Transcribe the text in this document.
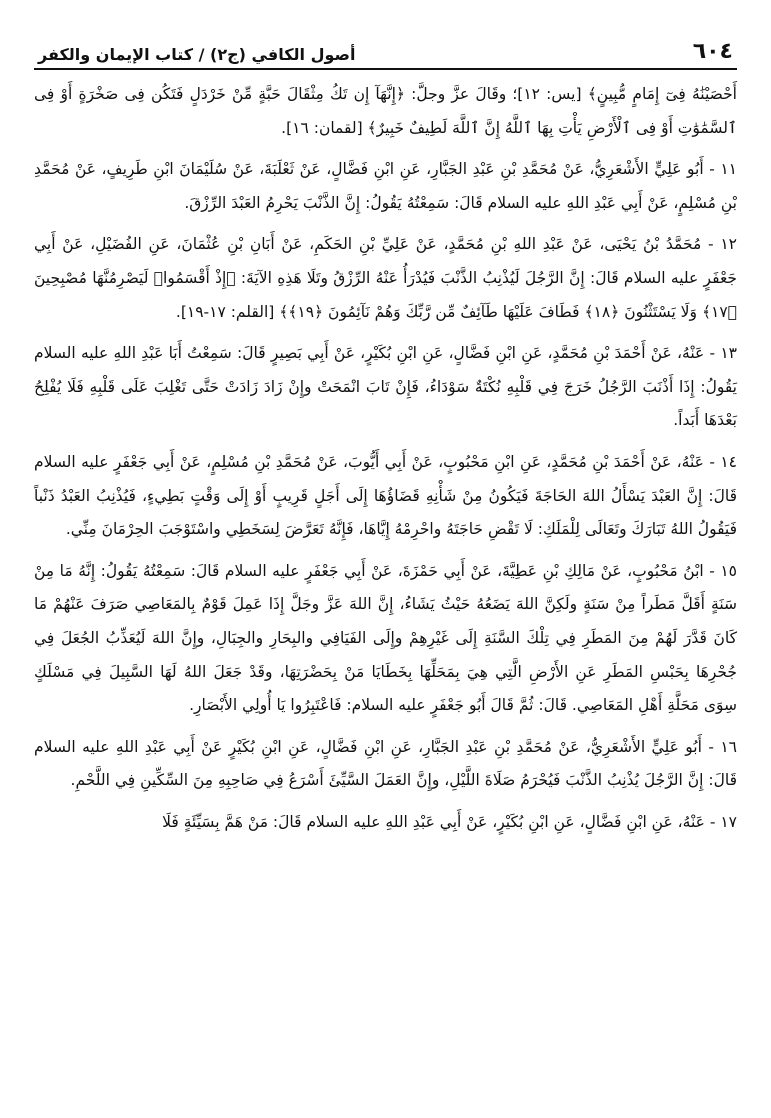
٦٠٤
أصول الكافي (ج٢) / كتاب الإيمان والكفر

أَحْصَيْنَٰهُ فِىٓ إِمَامٍ مُّبِينٍ﴾ [يس: ١٢]؛ وقَالَ عزَّ وجلَّ: ﴿إِنَّهَآ إِن تَكُ مِثْقَالَ حَبَّةٍ مِّنْ خَرْدَلٍ فَتَكُن فِى صَخْرَةٍ أَوْ فِى ٱلسَّمَٰوَٰتِ أَوْ فِى ٱلْأَرْضِ يَأْتِ بِهَا ٱللَّهُ إِنَّ ٱللَّهَ لَطِيفٌ خَبِيرٌ﴾ [لقمان: ١٦].

١١ - أَبُو عَلِيٍّ الأَشْعَرِيُّ، عَنْ مُحَمَّدِ بْنِ عَبْدِ الجَبَّارِ، عَنِ ابْنِ فَضَّالٍ، عَنْ ثَعْلَبَةَ، عَنْ سُلَيْمَانَ ابْنِ طَرِيفٍ، عَنْ مُحَمَّدِ بْنِ مُسْلِمٍ، عَنْ أَبِي عَبْدِ اللهِ عليه السلام قَالَ: سَمِعْتُهُ يَقُولُ: إِنَّ الذَّنْبَ يَحْرِمُ العَبْدَ الرِّزْقَ.

١٢ - مُحَمَّدُ بْنُ يَحْيَى، عَنْ عَبْدِ اللهِ بْنِ مُحَمَّدٍ، عَنْ عَلِيِّ بْنِ الحَكَمِ، عَنْ أَبَانِ بْنِ عُثْمَانَ، عَنِ الفُضَيْلِ، عَنْ أَبِي جَعْفَرٍ عليه السلام قَالَ: إِنَّ الرَّجُلَ لَيُذْنِبُ الذَّنْبَ فَيُدْرَأُ عَنْهُ الرِّزْقُ وتَلَا هَذِهِ الآيَةَ: ﴿إِذْ أَقْسَمُوا۟ لَيَصْرِمُنَّهَا مُصْبِحِينَ ﴿١٧﴾ وَلَا يَسْتَثْنُونَ ﴿١٨﴾ فَطَافَ عَلَيْهَا طَآئِفٌ مِّن رَّبِّكَ وَهُمْ نَآئِمُونَ ﴿١٩﴾﴾ [القلم: ١٧-١٩].

١٣ - عَنْهُ، عَنْ أَحْمَدَ بْنِ مُحَمَّدٍ، عَنِ ابْنِ فَضَّالٍ، عَنِ ابْنِ بُكَيْرٍ، عَنْ أَبِي بَصِيرٍ قَالَ: سَمِعْتُ أَبَا عَبْدِ اللهِ عليه السلام يَقُولُ: إِذَا أَذْنَبَ الرَّجُلُ خَرَجَ فِي قَلْبِهِ نُكْتَةٌ سَوْدَاءُ، فَإِنْ تَابَ انْمَحَتْ وإِنْ زَادَ زَادَتْ حَتَّى تَغْلِبَ عَلَى قَلْبِهِ فَلَا يُفْلِحُ بَعْدَهَا أَبَداً.

١٤ - عَنْهُ، عَنْ أَحْمَدَ بْنِ مُحَمَّدٍ، عَنِ ابْنِ مَحْبُوبٍ، عَنْ أَبِي أَيُّوبَ، عَنْ مُحَمَّدِ بْنِ مُسْلِمٍ، عَنْ أَبِي جَعْفَرٍ عليه السلام قَالَ: إِنَّ العَبْدَ يَسْأَلُ اللهَ الحَاجَةَ فَيَكُونُ مِنْ شَأْنِهِ قَضَاؤُهَا إِلَى أَجَلٍ قَرِيبٍ أَوْ إِلَى وَقْتٍ بَطِيءٍ، فَيُذْنِبُ العَبْدُ ذَنْباً فَيَقُولُ اللهُ تَبَارَكَ وتَعَالَى لِلْمَلَكِ: لَا تَقْضِ حَاجَتَهُ واحْرِمْهُ إِيَّاهَا، فَإِنَّهُ تَعَرَّضَ لِسَخَطِي واسْتَوْجَبَ الحِرْمَانَ مِنِّي.

١٥ - ابْنُ مَحْبُوبٍ، عَنْ مَالِكِ بْنِ عَطِيَّةَ، عَنْ أَبِي حَمْزَةَ، عَنْ أَبِي جَعْفَرٍ عليه السلام قَالَ: سَمِعْتُهُ يَقُولُ: إِنَّهُ مَا مِنْ سَنَةٍ أَقَلَّ مَطَراً مِنْ سَنَةٍ ولَكِنَّ اللهَ يَضَعُهُ حَيْثُ يَشَاءُ، إِنَّ اللهَ عَزَّ وجَلَّ إِذَا عَمِلَ قَوْمٌ بِالمَعَاصِي صَرَفَ عَنْهُمْ مَا كَانَ قَدَّرَ لَهُمْ مِنَ المَطَرِ فِي تِلْكَ السَّنَةِ إِلَى غَيْرِهِمْ وإِلَى الفَيَافِي والبِحَارِ والجِبَالِ، وإِنَّ اللهَ لَيُعَذِّبُ الجُعَلَ فِي جُحْرِهَا بِحَبْسِ المَطَرِ عَنِ الأَرْضِ الَّتِي هِيَ بِمَحَلِّهَا بِخَطَايَا مَنْ بِحَضْرَتِهَا، وقَدْ جَعَلَ اللهُ لَهَا السَّبِيلَ فِي مَسْلَكٍ سِوَى مَحَلَّةِ أَهْلِ المَعَاصِي. قَالَ: ثُمَّ قَالَ أَبُو جَعْفَرٍ عليه السلام: فَاعْتَبِرُوا يَا أُولِي الأَبْصَارِ.

١٦ - أَبُو عَلِيٍّ الأَشْعَرِيُّ، عَنْ مُحَمَّدِ بْنِ عَبْدِ الجَبَّارِ، عَنِ ابْنِ فَضَّالٍ، عَنِ ابْنِ بُكَيْرٍ عَنْ أَبِي عَبْدِ اللهِ عليه السلام قَالَ: إِنَّ الرَّجُلَ يُذْنِبُ الذَّنْبَ فَيُحْرَمُ صَلَاةَ اللَّيْلِ، وإِنَّ العَمَلَ السَّيِّئَ أَسْرَعُ فِي صَاحِبِهِ مِنَ السِّكِّينِ فِي اللَّحْمِ.

١٧ - عَنْهُ، عَنِ ابْنِ فَضَّالٍ، عَنِ ابْنِ بُكَيْرٍ، عَنْ أَبِي عَبْدِ اللهِ عليه السلام قَالَ: مَنْ هَمَّ بِسَيِّئَةٍ فَلَا
